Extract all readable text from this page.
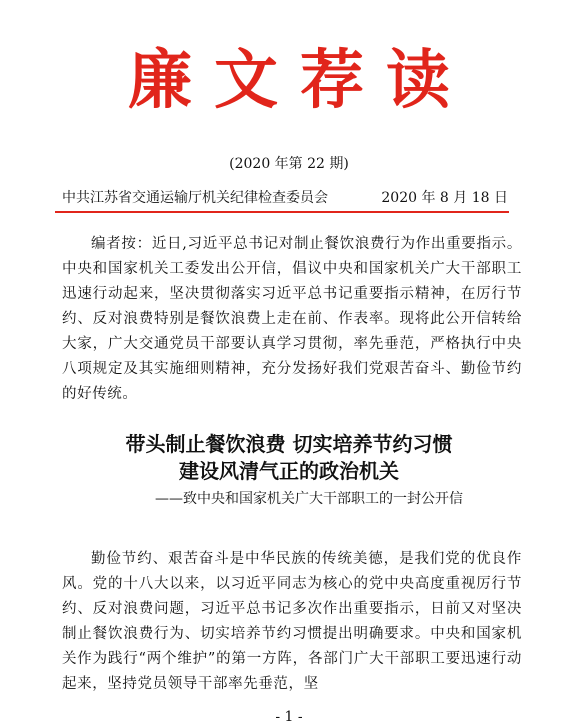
廉文荐读
(2020 年第 22 期)
中共江苏省交通运输厅机关纪律检查委员会	2020 年 8 月 18 日

编者按：近日,习近平总书记对制止餐饮浪费行为作出重要指示。中央和国家机关工委发出公开信，倡议中央和国家机关广大干部职工迅速行动起来，坚决贯彻落实习近平总书记重要指示精神，在厉行节约、反对浪费特别是餐饮浪费上走在前、作表率。现将此公开信转给大家，广大交通党员干部要认真学习贯彻，率先垂范，严格执行中央八项规定及其实施细则精神，充分发扬好我们党艰苦奋斗、勤俭节约的好传统。

带头制止餐饮浪费 切实培养节约习惯
建设风清气正的政治机关
——致中央和国家机关广大干部职工的一封公开信

勤俭节约、艰苦奋斗是中华民族的传统美德，是我们党的优良作风。党的十八大以来，以习近平同志为核心的党中央高度重视厉行节约、反对浪费问题，习近平总书记多次作出重要指示，日前又对坚决制止餐饮浪费行为、切实培养节约习惯提出明确要求。中央和国家机关作为践行“两个维护”的第一方阵，各部门广大干部职工要迅速行动起来，坚持党员领导干部率先垂范，坚

- 1 -
